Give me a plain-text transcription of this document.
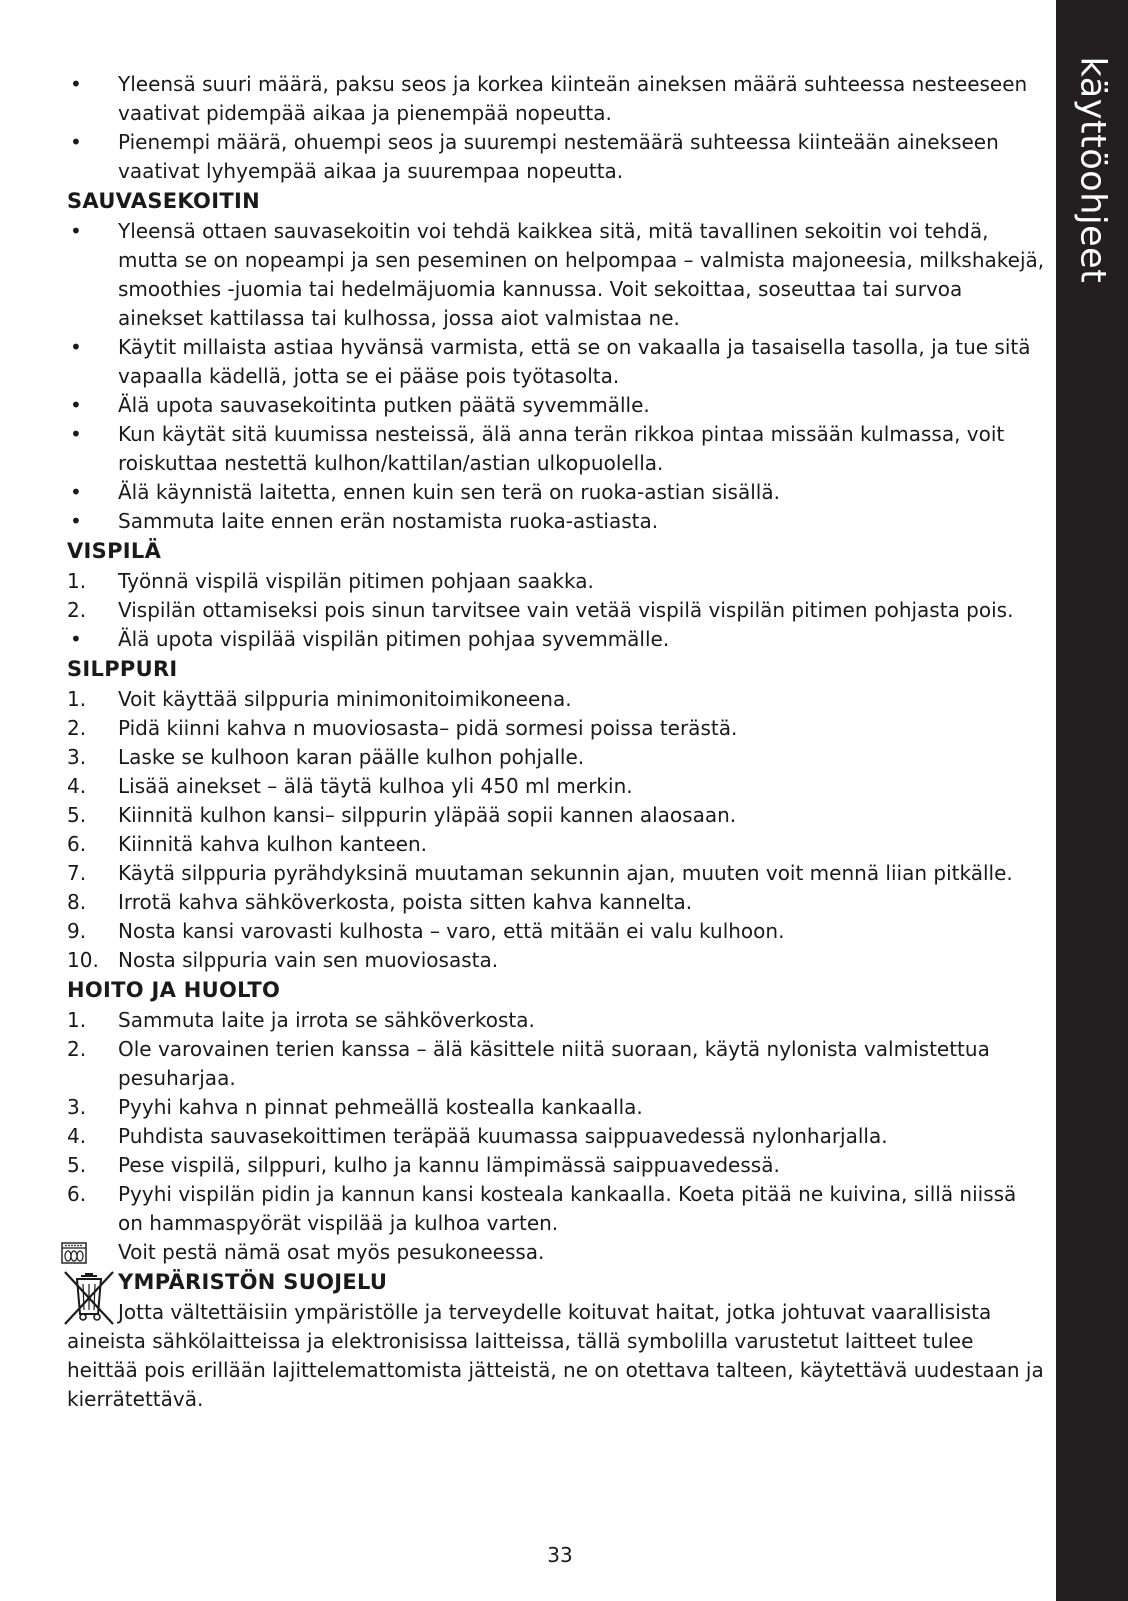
käyttöohjeet
•	Yleensä suuri määrä, paksu seos ja korkea kiinteän aineksen määrä suhteessa nesteeseen vaativat pidempää aikaa ja pienempää nopeutta.
•	Pienempi määrä, ohuempi seos ja suurempi nestemäärä suhteessa kiinteään ainekseen vaativat lyhyempää aikaa ja suurempaa nopeutta.
SAUVASEKOITIN
•	Yleensä ottaen sauvasekoitin voi tehdä kaikkea sitä, mitä tavallinen sekoitin voi tehdä, mutta se on nopeampi ja sen peseminen on helpompaa – valmista majoneesia, milkshakejä, smoothies -juomia tai hedelmäjuomia kannussa. Voit sekoittaa, soseuttaa tai survoa ainekset kattilassa tai kulhossa, jossa aiot valmistaa ne.
•	Käytit millaista astiaa hyvänsä varmista, että se on vakaalla ja tasaisella tasolla, ja tue sitä vapaalla kädellä, jotta se ei pääse pois työtasolta.
•	Älä upota sauvasekoitinta putken päätä syvemmälle.
•	Kun käytät sitä kuumissa nesteissä, älä anna terän rikkoa pintaa missään kulmassa, voit roiskuttaa nestettä kulhon/kattilan/astian ulkopuolella.
•	Älä käynnistä laitetta, ennen kuin sen terä on ruoka-astian sisällä.
•	Sammuta laite ennen erän nostamista ruoka-astiasta.
VISPILÄ
1.	Työnnä vispilä vispilän pitimen pohjaan saakka.
2.	Vispilän ottamiseksi pois sinun tarvitsee vain vetää vispilä vispilän pitimen pohjasta pois.
•	Älä upota vispilää vispilän pitimen pohjaa syvemmälle.
SILPPURI
1.	Voit käyttää silppuria minimonitoimikoneena.
2.	Pidä kiinni kahva n muoviosasta– pidä sormesi poissa terästä.
3.	Laske se kulhoon karan päälle kulhon pohjalle.
4.	Lisää ainekset – älä täytä kulhoa yli 450 ml merkin.
5.	Kiinnitä kulhon kansi– silppurin yläpää sopii kannen alaosaan.
6.	Kiinnitä kahva kulhon kanteen.
7.	Käytä silppuria pyrähdyksinä muutaman sekunnin ajan, muuten voit mennä liian pitkälle.
8.	Irrotä kahva sähköverkosta, poista sitten kahva kannelta.
9.	Nosta kansi varovasti kulhosta – varo, että mitään ei valu kulhoon.
10. Nosta silppuria vain sen muoviosasta.
HOITO JA HUOLTO
1.	Sammuta laite ja irrota se sähköverkosta.
2.	Ole varovainen terien kanssa – älä käsittele niitä suoraan, käytä nylonista valmistettua pesuharjaa.
3.	Pyyhi kahva n pinnat pehmeällä kostealla kankaalla.
4.	Puhdista sauvasekoittimen teräpää kuumassa saippuavedessä nylonharjalla.
5.	Pese vispilä, silppuri, kulho ja kannu lämpimässä saippuavedessä.
6.	Pyyhi vispilän pidin ja kannun kansi kosteala kankaalla. Koeta pitää ne kuivina, sillä niissä on hammaspyörät vispilää ja kulhoa varten.
Voit pestä nämä osat myös pesukoneessa.
YMPÄRISTÖN SUOJELU
Jotta vältettäisiin ympäristölle ja terveydelle koituvat haitat, jotka johtuvat vaarallisista
aineista sähkölaitteissa ja elektronisissa laitteissa, tällä symbolilla varustetut laitteet tulee heittää pois erillään lajittelemattomista jätteistä, ne on otettava talteen, käytettävä uudestaan ja kierrätettävä.
33
